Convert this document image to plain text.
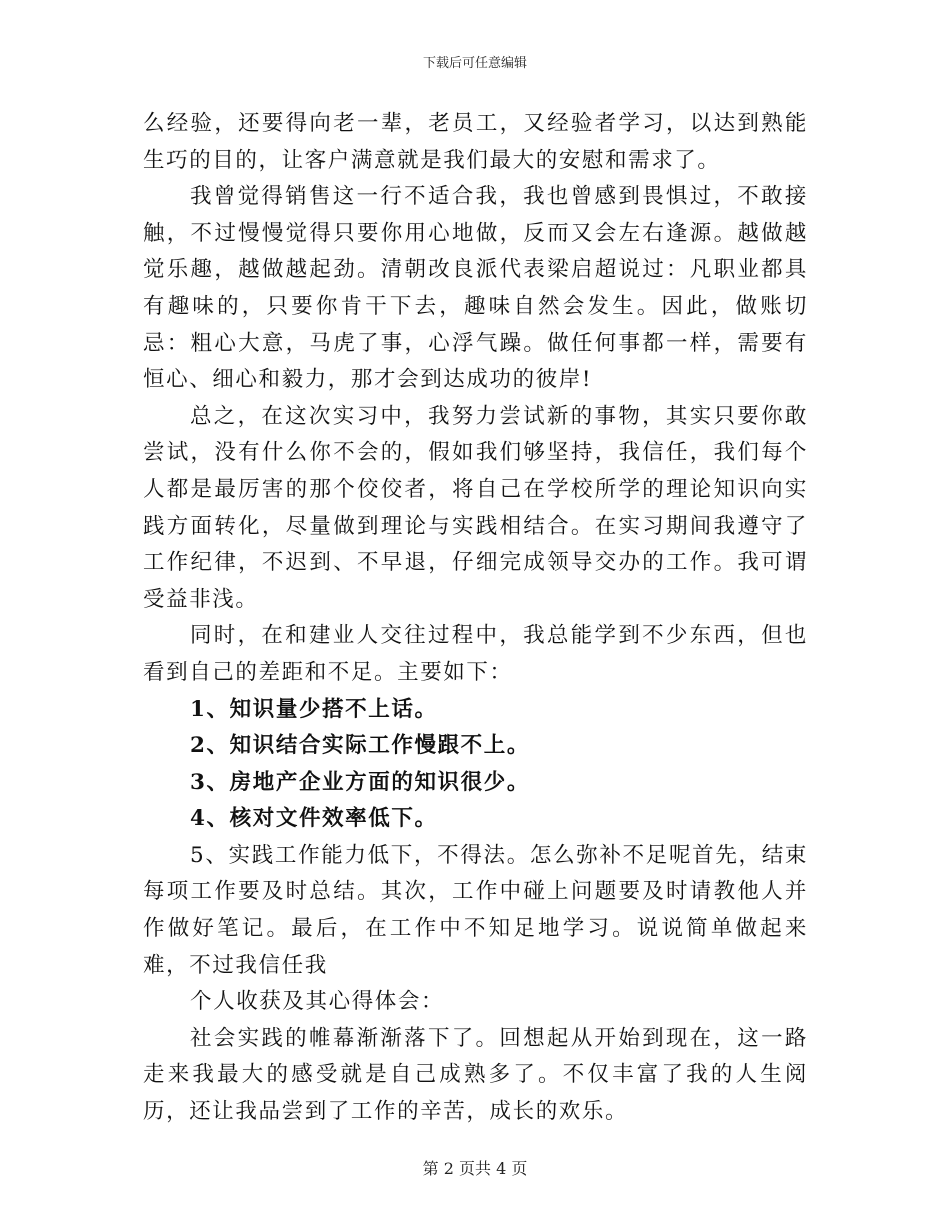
下载后可任意编辑

么经验，还要得向老一辈，老员工，又经验者学习，以达到熟能生巧的目的，让客户满意就是我们最大的安慰和需求了。

我曾觉得销售这一行不适合我，我也曾感到畏惧过，不敢接触，不过慢慢觉得只要你用心地做，反而又会左右逢源。越做越觉乐趣，越做越起劲。清朝改良派代表梁启超说过：凡职业都具有趣味的，只要你肯干下去，趣味自然会发生。因此，做账切忌：粗心大意，马虎了事，心浮气躁。做任何事都一样，需要有恒心、细心和毅力，那才会到达成功的彼岸!

总之，在这次实习中，我努力尝试新的事物，其实只要你敢尝试，没有什么你不会的，假如我们够坚持，我信任，我们每个人都是最厉害的那个佼佼者，将自己在学校所学的理论知识向实践方面转化，尽量做到理论与实践相结合。在实习期间我遵守了工作纪律，不迟到、不早退，仔细完成领导交办的工作。我可谓受益非浅。

同时，在和建业人交往过程中，我总能学到不少东西，但也看到自己的差距和不足。主要如下：

1、知识量少搭不上话。

2、知识结合实际工作慢跟不上。

3、房地产企业方面的知识很少。

4、核对文件效率低下。

5、实践工作能力低下，不得法。怎么弥补不足呢首先，结束每项工作要及时总结。其次，工作中碰上问题要及时请教他人并作做好笔记。最后，在工作中不知足地学习。说说简单做起来难，不过我信任我

个人收获及其心得体会：

社会实践的帷幕渐渐落下了。回想起从开始到现在，这一路走来我最大的感受就是自己成熟多了。不仅丰富了我的人生阅历，还让我品尝到了工作的辛苦，成长的欢乐。

第 2 页共 4 页
